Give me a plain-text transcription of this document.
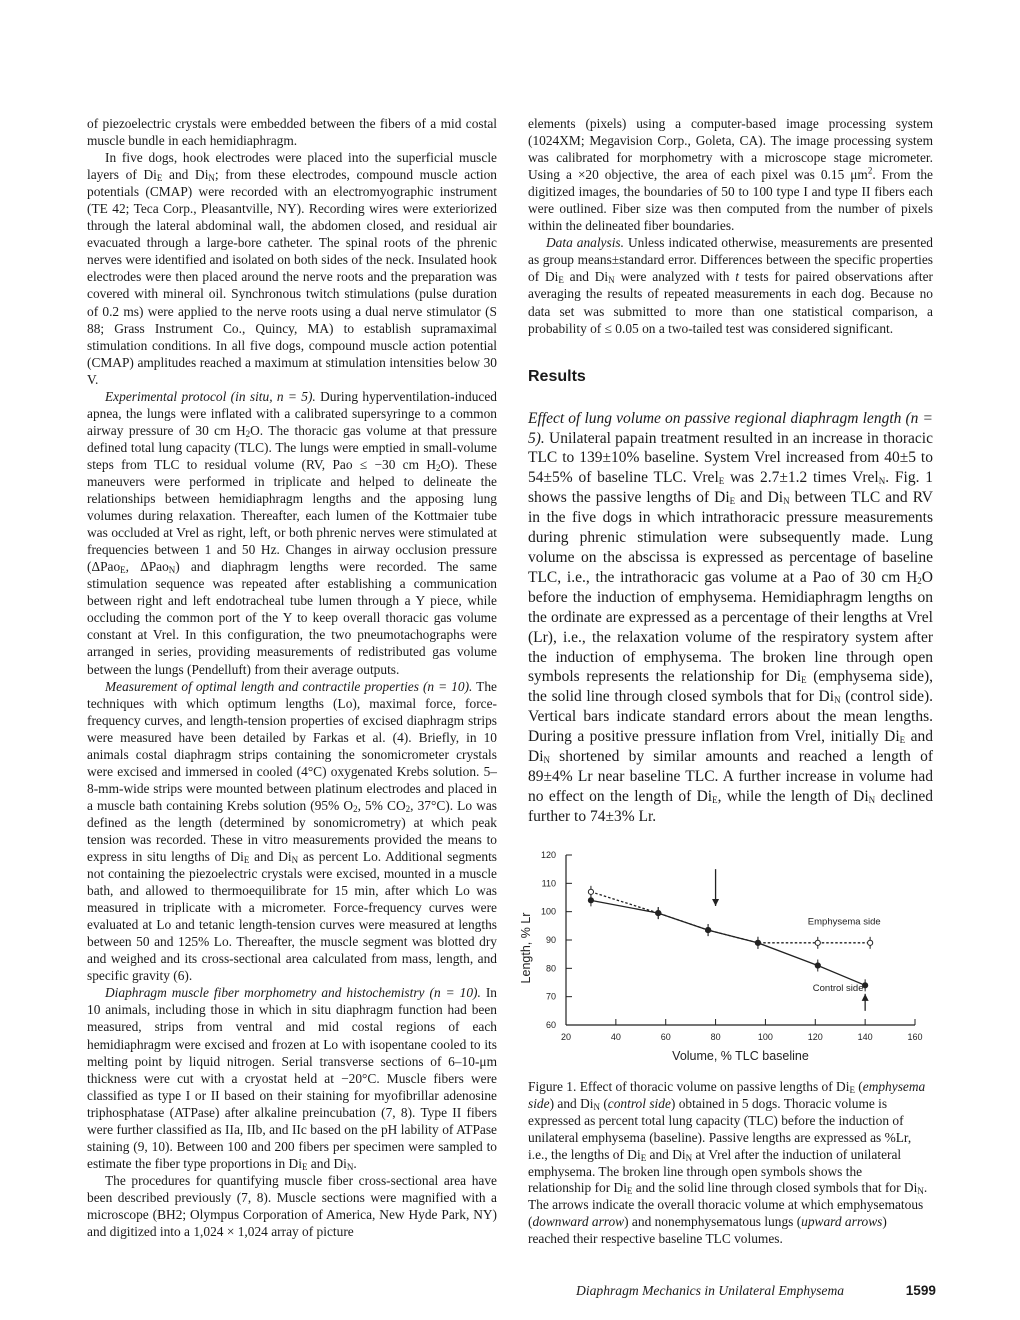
of piezoelectric crystals were embedded between the fibers of a mid costal muscle bundle in each hemidiaphragm.

In five dogs, hook electrodes were placed into the superficial muscle layers of $Di_E$ and $Di_N$; from these electrodes, compound muscle action potentials (CMAP) were recorded with an electromyographic instrument (TE 42; Teca Corp., Pleasantville, NY). Recording wires were exteriorized through the lateral abdominal wall, the abdomen closed, and residual air evacuated through a large-bore catheter. The spinal roots of the phrenic nerves were identified and isolated on both sides of the neck. Insulated hook electrodes were then placed around the nerve roots and the preparation was covered with mineral oil. Synchronous twitch stimulations (pulse duration of 0.2 ms) were applied to the nerve roots using a dual nerve stimulator (S 88; Grass Instrument Co., Quincy, MA) to establish supramaximal stimulation conditions. In all five dogs, compound muscle action potential (CMAP) amplitudes reached a maximum at stimulation intensities below 30 V.

Experimental protocol (in situ, n = 5). During hyperventilation-induced apnea, the lungs were inflated with a calibrated supersyringe to a common airway pressure of 30 cm $H_2O$. The thoracic gas volume at that pressure defined total lung capacity (TLC). The lungs were emptied in small-volume steps from TLC to residual volume (RV, Pao ≤ −30 cm $H_2O$). These maneuvers were performed in triplicate and helped to delineate the relationships between hemidiaphragm lengths and the apposing lung volumes during relaxation. Thereafter, each lumen of the Kottmaier tube was occluded at Vrel as right, left, or both phrenic nerves were stimulated at frequencies between 1 and 50 Hz. Changes in airway occlusion pressure (ΔPao$_E$, ΔPao$_N$) and diaphragm lengths were recorded. The same stimulation sequence was repeated after establishing a communication between right and left endotracheal tube lumen through a Y piece, while occluding the common port of the Y to keep overall thoracic gas volume constant at Vrel. In this configuration, the two pneumotachographs were arranged in series, providing measurements of redistributed gas volume between the lungs (Pendelluft) from their average outputs.

Measurement of optimal length and contractile properties (n = 10). The techniques with which optimum lengths (Lo), maximal force, force-frequency curves, and length-tension properties of excised diaphragm strips were measured have been detailed by Farkas et al. (4). Briefly, in 10 animals costal diaphragm strips containing the sonomicrometer crystals were excised and immersed in cooled (4°C) oxygenated Krebs solution. 5–8-mm-wide strips were mounted between platinum electrodes and placed in a muscle bath containing Krebs solution (95% $O_2$, 5% $CO_2$, 37°C). Lo was defined as the length (determined by sonomicrometry) at which peak tension was recorded. These in vitro measurements provided the means to express in situ lengths of $Di_E$ and $Di_N$ as percent Lo. Additional segments not containing the piezoelectric crystals were excised, mounted in a muscle bath, and allowed to thermoequilibrate for 15 min, after which Lo was measured in triplicate with a micrometer. Force-frequency curves were evaluated at Lo and tetanic length-tension curves were measured at lengths between 50 and 125% Lo. Thereafter, the muscle segment was blotted dry and weighed and its cross-sectional area calculated from mass, length, and specific gravity (6).

Diaphragm muscle fiber morphometry and histochemistry (n = 10). In 10 animals, including those in which in situ diaphragm function had been measured, strips from ventral and mid costal regions of each hemidiaphragm were excised and frozen at Lo with isopentane cooled to its melting point by liquid nitrogen. Serial transverse sections of 6–10-μm thickness were cut with a cryostat held at −20°C. Muscle fibers were classified as type I or II based on their staining for myofibrillar adenosine triphosphatase (ATPase) after alkaline preincubation (7, 8). Type II fibers were further classified as IIa, IIb, and IIc based on the pH lability of ATPase staining (9, 10). Between 100 and 200 fibers per specimen were sampled to estimate the fiber type proportions in $Di_E$ and $Di_N$.

The procedures for quantifying muscle fiber cross-sectional area have been described previously (7, 8). Muscle sections were magnified with a microscope (BH2; Olympus Corporation of America, New Hyde Park, NY) and digitized into a 1,024 × 1,024 array of picture

elements (pixels) using a computer-based image processing system (1024XM; Megavision Corp., Goleta, CA). The image processing system was calibrated for morphometry with a microscope stage micrometer. Using a ×20 objective, the area of each pixel was 0.15 $\mu m^2$. From the digitized images, the boundaries of 50 to 100 type I and type II fibers each were outlined. Fiber size was then computed from the number of pixels within the delineated fiber boundaries.

Data analysis. Unless indicated otherwise, measurements are presented as group means±standard error. Differences between the specific properties of $Di_E$ and $Di_N$ were analyzed with t tests for paired observations after averaging the results of repeated measurements in each dog. Because no data set was submitted to more than one statistical comparison, a probability of ≤ 0.05 on a two-tailed test was considered significant.

Results

Effect of lung volume on passive regional diaphragm length (n = 5). Unilateral papain treatment resulted in an increase in thoracic TLC to 139±10% baseline. System Vrel increased from 40±5 to 54±5% of baseline TLC. Vrel$_E$ was 2.7±1.2 times Vrel$_N$. Fig. 1 shows the passive lengths of $Di_E$ and $Di_N$ between TLC and RV in the five dogs in which intrathoracic pressure measurements during phrenic stimulation were subsequently made. Lung volume on the abscissa is expressed as percentage of baseline TLC, i.e., the intrathoracic gas volume at a Pao of 30 cm $H_2O$ before the induction of emphysema. Hemidiaphragm lengths on the ordinate are expressed as a percentage of their lengths at Vrel (Lr), i.e., the relaxation volume of the respiratory system after the induction of emphysema. The broken line through open symbols represents the relationship for $Di_E$ (emphysema side), the solid line through closed symbols that for $Di_N$ (control side). Vertical bars indicate standard errors about the mean lengths. During a positive pressure inflation from Vrel, initially $Di_E$ and $Di_N$ shortened by similar amounts and reached a length of 89±4% Lr near baseline TLC. A further increase in volume had no effect on the length of $Di_E$, while the length of $Di_N$ declined further to 74±3% Lr.

60
70
80
90
100
110
120
20	40	60	80	100	120	140	160
Volume, % TLC baseline
Length, % Lr	Emphysema side
Control side

Figure 1. Effect of thoracic volume on passive lengths of $Di_E$ (emphysema side) and $Di_N$ (control side) obtained in 5 dogs. Thoracic volume is expressed as percent total lung capacity (TLC) before the induction of unilateral emphysema (baseline). Passive lengths are expressed as %Lr, i.e., the lengths of $Di_E$ and $Di_N$ at Vrel after the induction of unilateral emphysema. The broken line through open symbols shows the relationship for $Di_E$ and the solid line through closed symbols that for $Di_N$. The arrows indicate the overall thoracic volume at which emphysematous (downward arrow) and nonemphysematous lungs (upward arrows) reached their respective baseline TLC volumes.

Diaphragm Mechanics in Unilateral Emphysema	1599
